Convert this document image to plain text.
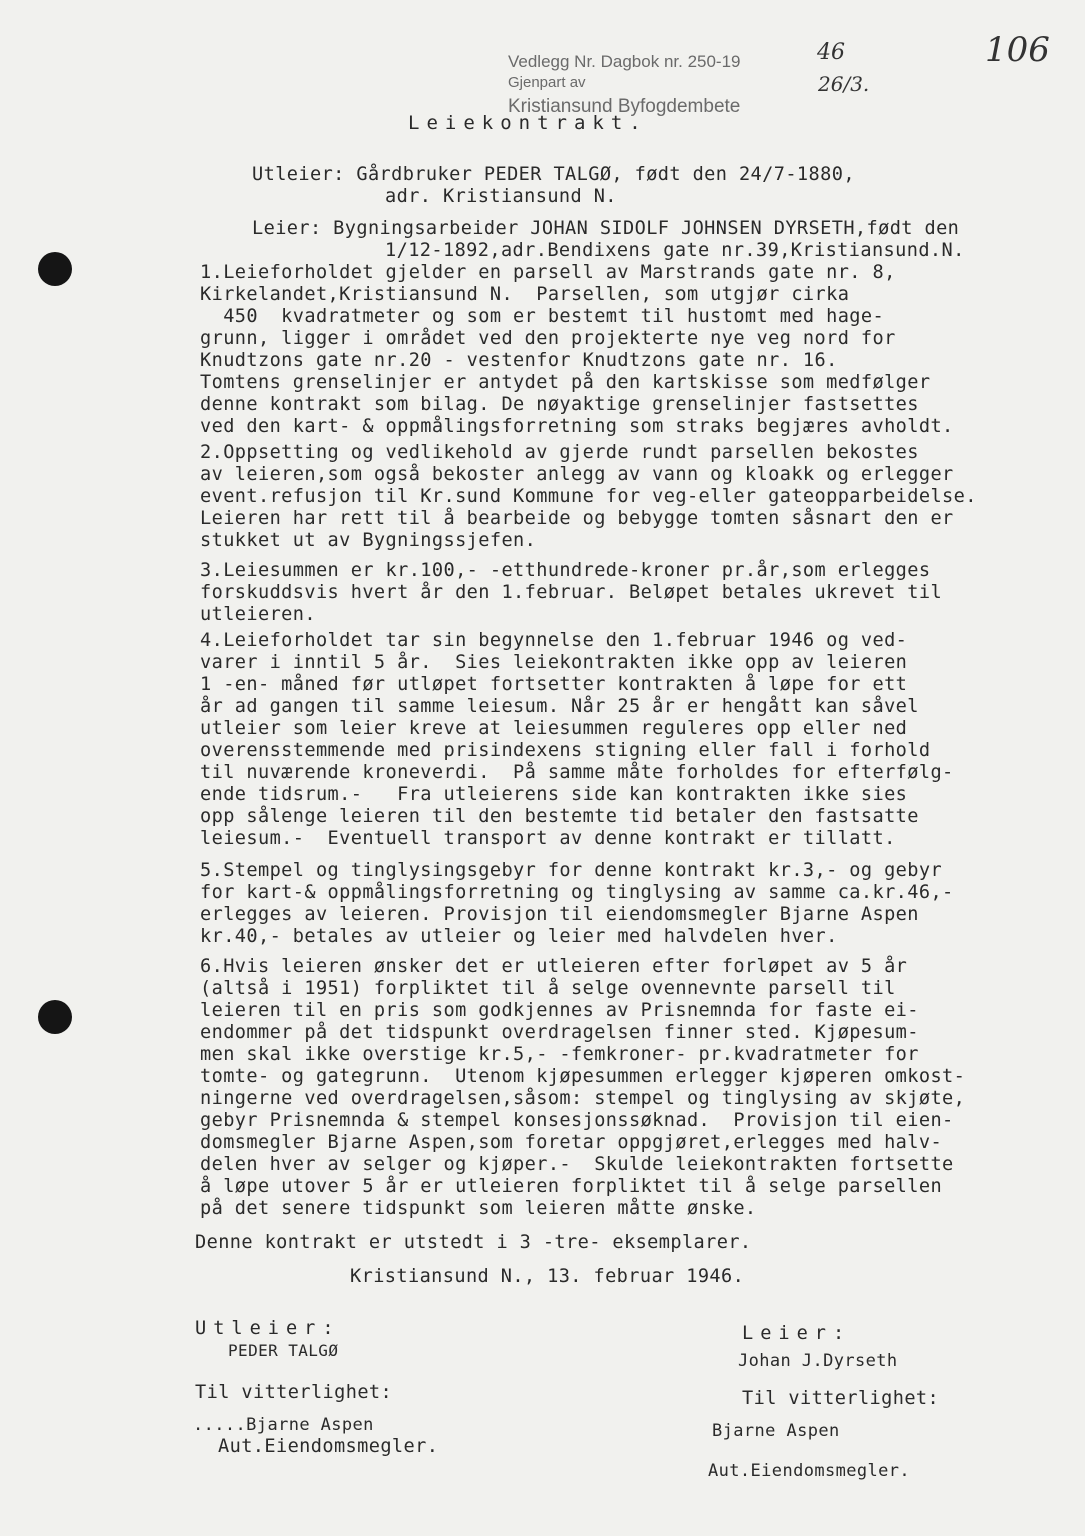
Vedlegg Nr. Dagbok nr. 250-19
Gjenpart av
Kristiansund Byfogdembete
46
26/3.
106
Leiekontrakt.
Utleier: Gårdbruker PEDER TALGØ, født den 24/7-1880,
adr. Kristiansund N.
Leier: Bygningsarbeider JOHAN SIDOLF JOHNSEN DYRSETH,født den
1/12-1892,adr.Bendixens gate nr.39,Kristiansund.N.
1.Leieforholdet gjelder en parsell av Marstrands gate nr. 8,
Kirkelandet,Kristiansund N.  Parsellen, som utgjør cirka
450  kvadratmeter og som er bestemt til hustomt med hage-
grunn, ligger i området ved den projekterte nye veg nord for
Knudtzons gate nr.20 - vestenfor Knudtzons gate nr. 16.
Tomtens grenselinjer er antydet på den kartskisse som medfølger
denne kontrakt som bilag. De nøyaktige grenselinjer fastsettes
ved den kart- & oppmålingsforretning som straks begjæres avholdt.
2.Oppsetting og vedlikehold av gjerde rundt parsellen bekostes
av leieren,som også bekoster anlegg av vann og kloakk og erlegger
event.refusjon til Kr.sund Kommune for veg-eller gateopparbeidelse.
Leieren har rett til å bearbeide og bebygge tomten såsnart den er
stukket ut av Bygningssjefen.
3.Leiesummen er kr.100,- -etthundrede-kroner pr.år,som erlegges
forskuddsvis hvert år den 1.februar. Beløpet betales ukrevet til
utleieren.
4.Leieforholdet tar sin begynnelse den 1.februar 1946 og ved-
varer i inntil 5 år.  Sies leiekontrakten ikke opp av leieren
1 -en- måned før utløpet fortsetter kontrakten å løpe for ett
år ad gangen til samme leiesum. Når 25 år er hengått kan såvel
utleier som leier kreve at leiesummen reguleres opp eller ned
overensstemmende med prisindexens stigning eller fall i forhold
til nuværende kroneverdi.  På samme måte forholdes for efterfølg-
ende tidsrum.-   Fra utleierens side kan kontrakten ikke sies
opp sålenge leieren til den bestemte tid betaler den fastsatte
leiesum.-  Eventuell transport av denne kontrakt er tillatt.
5.Stempel og tinglysingsgebyr for denne kontrakt kr.3,- og gebyr
for kart-& oppmålingsforretning og tinglysing av samme ca.kr.46,-
erlegges av leieren. Provisjon til eiendomsmegler Bjarne Aspen
kr.40,- betales av utleier og leier med halvdelen hver.
6.Hvis leieren ønsker det er utleieren efter forløpet av 5 år
(altså i 1951) forpliktet til å selge ovennevnte parsell til
leieren til en pris som godkjennes av Prisnemnda for faste ei-
endommer på det tidspunkt overdragelsen finner sted. Kjøpesum-
men skal ikke overstige kr.5,- -femkroner- pr.kvadratmeter for
tomte- og gategrunn.  Utenom kjøpesummen erlegger kjøperen omkost-
ningerne ved overdragelsen,såsom: stempel og tinglysing av skjøte,
gebyr Prisnemnda & stempel konsesjonssøknad.  Provisjon til eien-
domsmegler Bjarne Aspen,som foretar oppgjøret,erlegges med halv-
delen hver av selger og kjøper.-  Skulde leiekontrakten fortsette
å løpe utover 5 år er utleieren forpliktet til å selge parsellen
på det senere tidspunkt som leieren måtte ønske.
Denne kontrakt er utstedt i 3 -tre- eksemplarer.
Kristiansund N., 13. februar 1946.
Utleier:
PEDER TALGØ
Leier:
Johan J.Dyrseth
Til vitterlighet:
.....Bjarne Aspen
Aut.Eiendomsmegler.
Til vitterlighet:
Bjarne Aspen
Aut.Eiendomsmegler.
